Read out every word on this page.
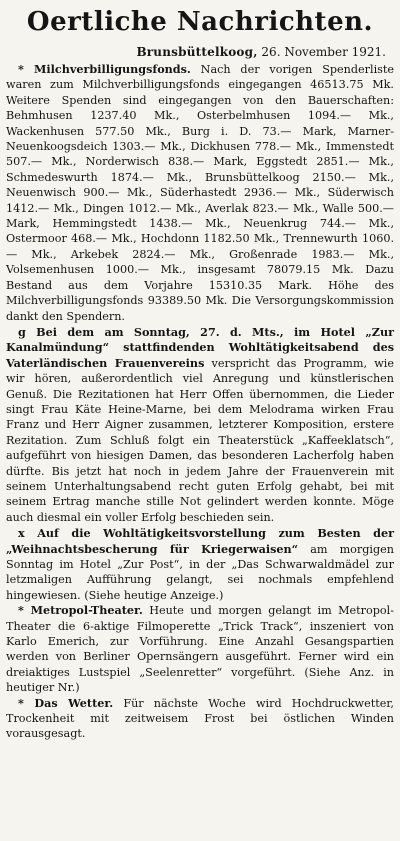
Oertliche Nachrichten.
Brunsbüttelkoog, 26. November 1921.

* Milchverbilligungsfonds. Nach der vorigen Spenderliste waren zum Milchverbilligungsfonds eingegangen 46513.75 Mk. Weitere Spenden sind eingegangen von den Bauerschaften: Behmhusen 1237.40 Mk., Osterbelmhusen 1094.— Mk., Wackenhusen 577.50 Mk., Burg i. D. 73.— Mark, Marner-Neuenkoogsdeich 1303.— Mk., Dickhusen 778.— Mk., Immenstedt 507.— Mk., Norderwisch 838.— Mark, Eggstedt 2851.— Mk., Schmedeswurth 1874.— Mk., Brunsbüttelkoog 2150.— Mk., Neuenwisch 900.— Mk., Süderhastedt 2936.— Mk., Süderwisch 1412.— Mk., Dingen 1012.— Mk., Averlak 823.— Mk., Walle 500.— Mark, Hemmingstedt 1438.— Mk., Neuenkrug 744.— Mk., Ostermoor 468.— Mk., Hochdonn 1182.50 Mk., Trennewurth 1060.— Mk., Arkebek 2824.— Mk., Großenrade 1983.— Mk., Volsemenhusen 1000.— Mk., insgesamt 78079.15 Mk. Dazu Bestand aus dem Vorjahre 15310.35 Mark. Höhe des Milchverbilligungsfonds 93389.50 Mk. Die Versorgungskommission dankt den Spendern.

g Bei dem am Sonntag, 27. d. Mts., im Hotel „Zur Kanalmündung“ stattfindenden Wohltätigkeitsabend des Vaterländischen Frauenvereins verspricht das Programm, wie wir hören, außerordentlich viel Anregung und künstlerischen Genuß. Die Rezitationen hat Herr Offen übernommen, die Lieder singt Frau Käte Heine-Marne, bei dem Melodrama wirken Frau Franz und Herr Aigner zusammen, letzterer Komposition, erstere Rezitation. Zum Schluß folgt ein Theaterstück „Kaffeeklatsch“, aufgeführt von hiesigen Damen, das besonderen Lacherfolg haben dürfte. Bis jetzt hat noch in jedem Jahre der Frauenverein mit seinem Unterhaltungsabend recht guten Erfolg gehabt, bei mit seinem Ertrag manche stille Not gelindert werden konnte. Möge auch diesmal ein voller Erfolg beschieden sein.

x Auf die Wohltätigkeitsvorstellung zum Besten der „Weihnachtsbescherung für Kriegerwaisen“ am morgigen Sonntag im Hotel „Zur Post“, in der „Das Schwarwaldmädel zur letzmaligen Aufführung gelangt, sei nochmals empfehlend hingewiesen. (Siehe heutige Anzeige.)

* Metropol-Theater. Heute und morgen gelangt im Metropol-Theater die 6-aktige Filmoperette „Trick Track“, inszeniert von Karlo Emerich, zur Vorführung. Eine Anzahl Gesangspartien werden von Berliner Opernsängern ausgeführt. Ferner wird ein dreiaktiges Lustspiel „Seelenretter“ vorgeführt. (Siehe Anz. in heutiger Nr.)

* Das Wetter. Für nächste Woche wird Hochdruckwetter, Trockenheit mit zeitweisem Frost bei östlichen Winden vorausgesagt.
